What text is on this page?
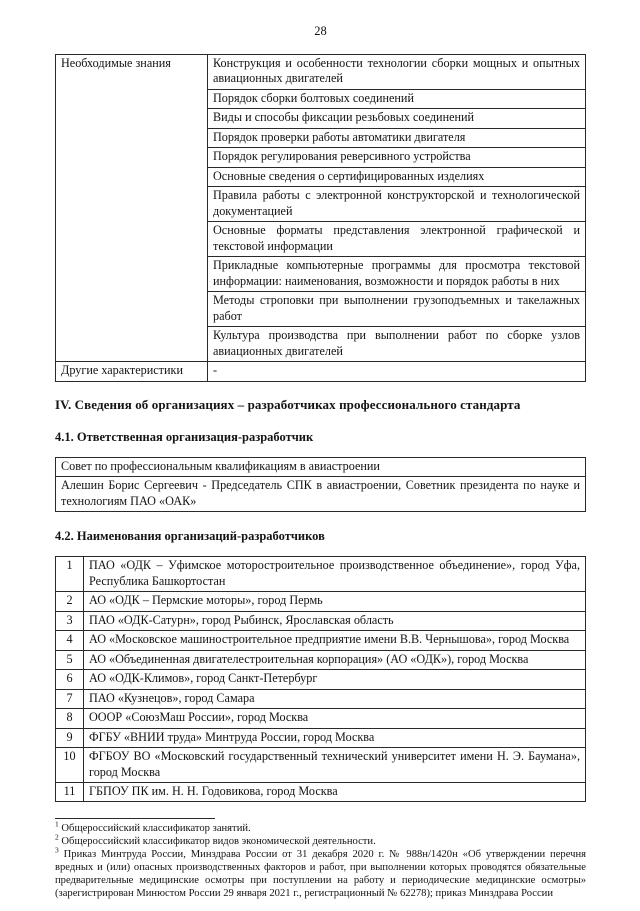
28
Необходимые знания	Конструкция и особенности технологии сборки мощных и опытных авиационных двигателей
	Порядок сборки болтовых соединений
	Виды и способы фиксации резьбовых соединений
	Порядок проверки работы автоматики двигателя
	Порядок регулирования реверсивного устройства
	Основные сведения о сертифицированных изделиях
	Правила работы с электронной конструкторской и технологической документацией
	Основные форматы представления электронной графической и текстовой информации
	Прикладные компьютерные программы для просмотра текстовой информации: наименования, возможности и порядок работы в них
	Методы строповки при выполнении грузоподъемных и такелажных работ
	Культура производства при выполнении работ по сборке узлов авиационных двигателей
Другие характеристики	-
IV. Сведения об организациях – разработчиках профессионального стандарта
4.1. Ответственная организация-разработчик
Совет по профессиональным квалификациям в авиастроении
Алешин Борис Сергеевич - Председатель СПК в авиастроении, Советник президента по науке и технологиям ПАО «ОАК»
4.2. Наименования организаций-разработчиков
1	ПАО «ОДК – Уфимское моторостроительное производственное объединение», город Уфа, Республика Башкортостан
2	АО «ОДК – Пермские моторы», город Пермь
3	ПАО «ОДК-Сатурн», город Рыбинск, Ярославская область
4	АО «Московское машиностроительное предприятие имени В.В. Чернышова», город Москва
5	АО «Объединенная двигателестроительная корпорация» (АО «ОДК»), город Москва
6	АО «ОДК-Климов», город Санкт-Петербург
7	ПАО «Кузнецов», город Самара
8	ОООР «СоюзМаш России», город Москва
9	ФГБУ «ВНИИ труда» Минтруда России, город Москва
10	ФГБОУ ВО «Московский государственный технический университет имени Н. Э. Баумана», город Москва
11	ГБПОУ ПК им. Н. Н. Годовикова, город Москва

$^1$ Общероссийский классификатор занятий.

$^2$ Общероссийский классификатор видов экономической деятельности.

$^3$ Приказ Минтруда России, Минздрава России от 31 декабря 2020 г. № 988н/1420н «Об утверждении перечня вредных и (или) опасных производственных факторов и работ, при выполнении которых проводятся обязательные предварительные медицинские осмотры при поступлении на работу и периодические медицинские осмотры» (зарегистрирован Минюстом России 29 января 2021 г., регистрационный № 62278); приказ Минздрава России
